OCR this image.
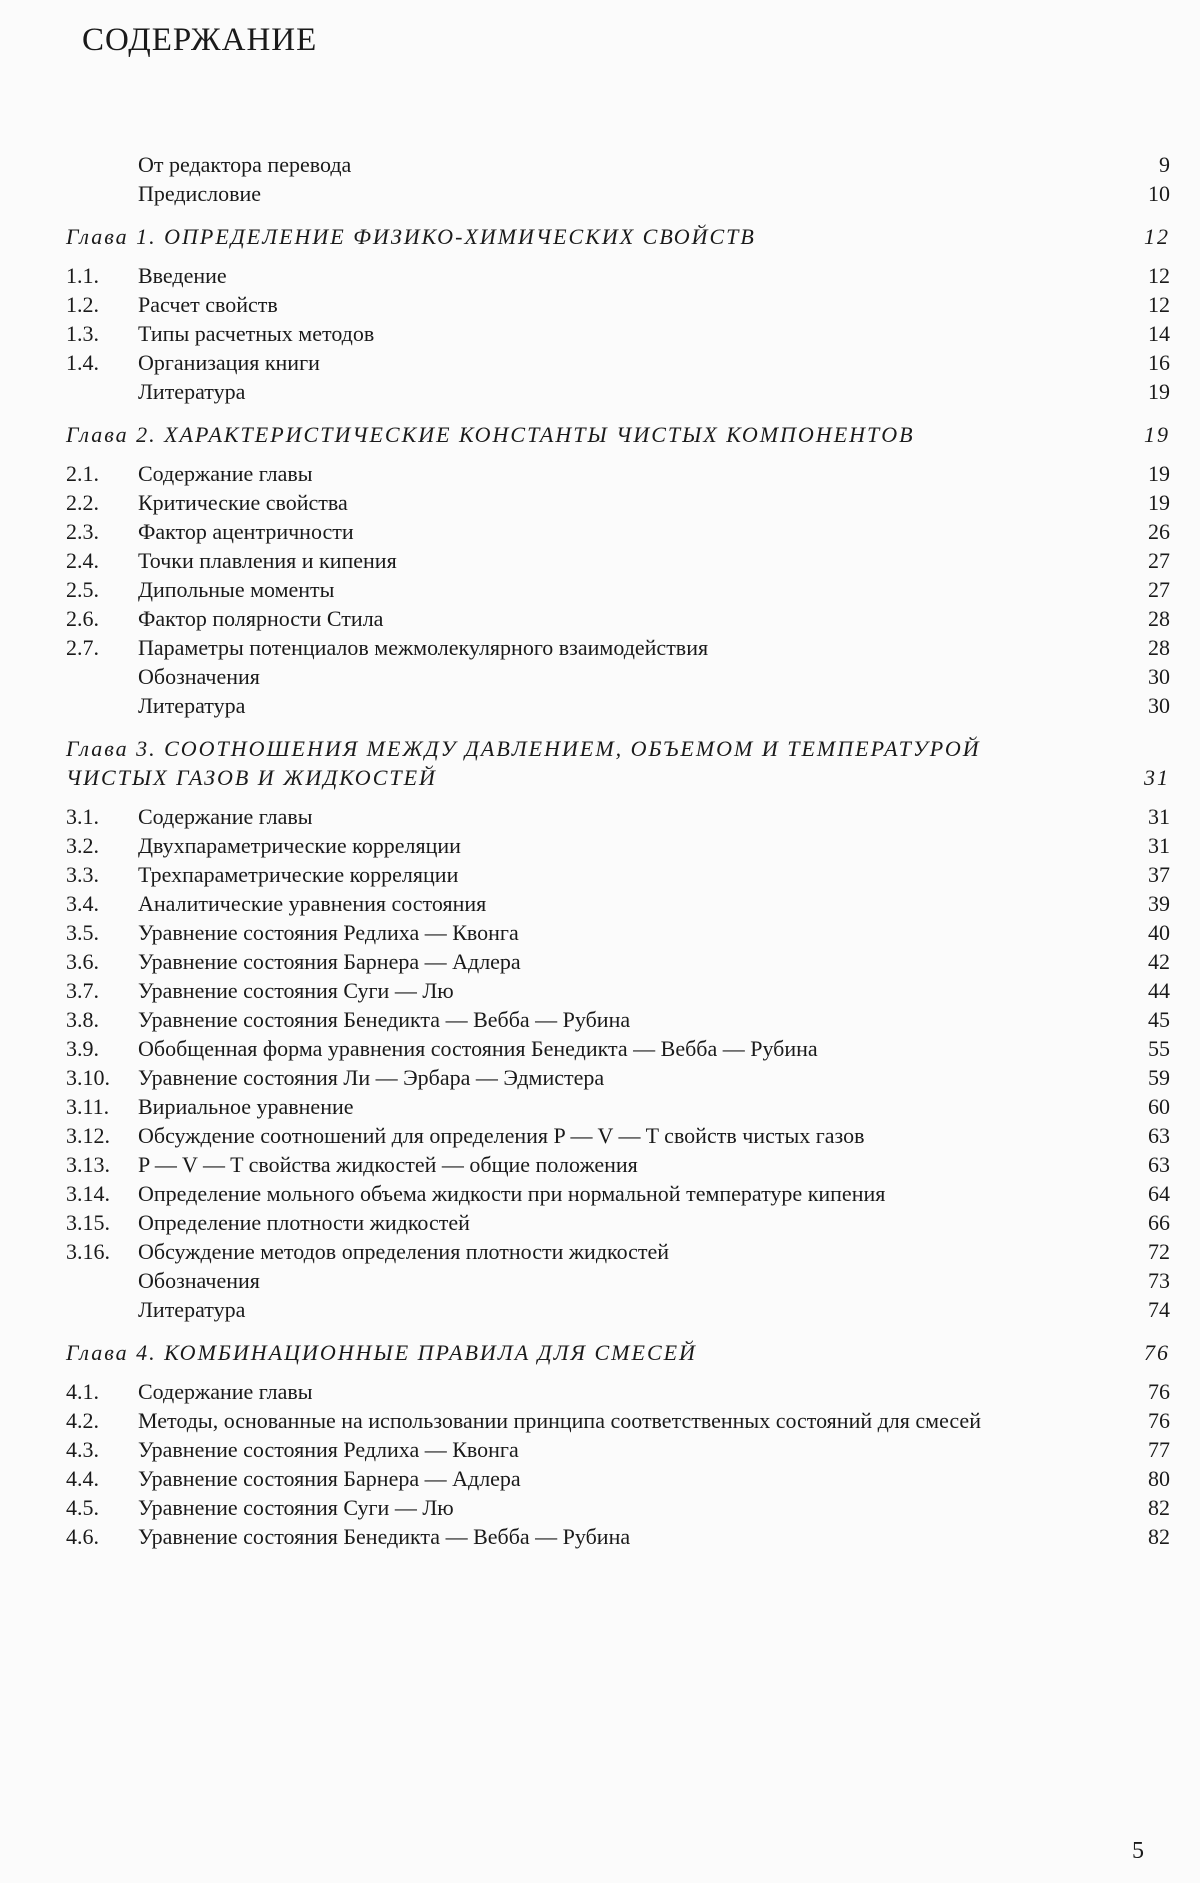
СОДЕРЖАНИЕ
От редактора перевода	9
Предисловие	10
Глава 1. ОПРЕДЕЛЕНИЕ ФИЗИКО-ХИМИЧЕСКИХ СВОЙСТВ	12
1.1.	Введение	12
1.2.	Расчет свойств	12
1.3.	Типы расчетных методов	14
1.4.	Организация книги	16
Литература	19
Глава 2. ХАРАКТЕРИСТИЧЕСКИЕ КОНСТАНТЫ ЧИСТЫХ КОМПОНЕНТОВ	19
2.1.	Содержание главы	19
2.2.	Критические свойства	19
2.3.	Фактор ацентричности	26
2.4.	Точки плавления и кипения	27
2.5.	Дипольные моменты	27
2.6.	Фактор полярности Стила	28
2.7.	Параметры потенциалов межмолекулярного взаимодействия	28
Обозначения	30
Литература	30
Глава 3. СООТНОШЕНИЯ МЕЖДУ ДАВЛЕНИЕМ, ОБЪЕМОМ И ТЕМПЕРАТУРОЙ ЧИСТЫХ ГАЗОВ И ЖИДКОСТЕЙ	31
3.1.	Содержание главы	31
3.2.	Двухпараметрические корреляции	31
3.3.	Трехпараметрические корреляции	37
3.4.	Аналитические уравнения состояния	39
3.5.	Уравнение состояния Редлиха — Квонга	40
3.6.	Уравнение состояния Барнера — Адлера	42
3.7.	Уравнение состояния Суги — Лю	44
3.8.	Уравнение состояния Бенедикта — Вебба — Рубина	45
3.9.	Обобщенная форма уравнения состояния Бенедикта — Вебба — Рубина	55
3.10.	Уравнение состояния Ли — Эрбара — Эдмистера	59
3.11.	Вириальное уравнение	60
3.12.	Обсуждение соотношений для определения P — V — T свойств чистых газов	63
3.13.	P — V — T свойства жидкостей — общие положения	63
3.14.	Определение мольного объема жидкости при нормальной температуре кипения	64
3.15.	Определение плотности жидкостей	66
3.16.	Обсуждение методов определения плотности жидкостей	72
Обозначения	73
Литература	74
Глава 4. КОМБИНАЦИОННЫЕ ПРАВИЛА ДЛЯ СМЕСЕЙ	76
4.1.	Содержание главы	76
4.2.	Методы, основанные на использовании принципа соответственных состояний для смесей	76
4.3.	Уравнение состояния Редлиха — Квонга	77
4.4.	Уравнение состояния Барнера — Адлера	80
4.5.	Уравнение состояния Суги — Лю	82
4.6.	Уравнение состояния Бенедикта — Вебба — Рубина	82
5
